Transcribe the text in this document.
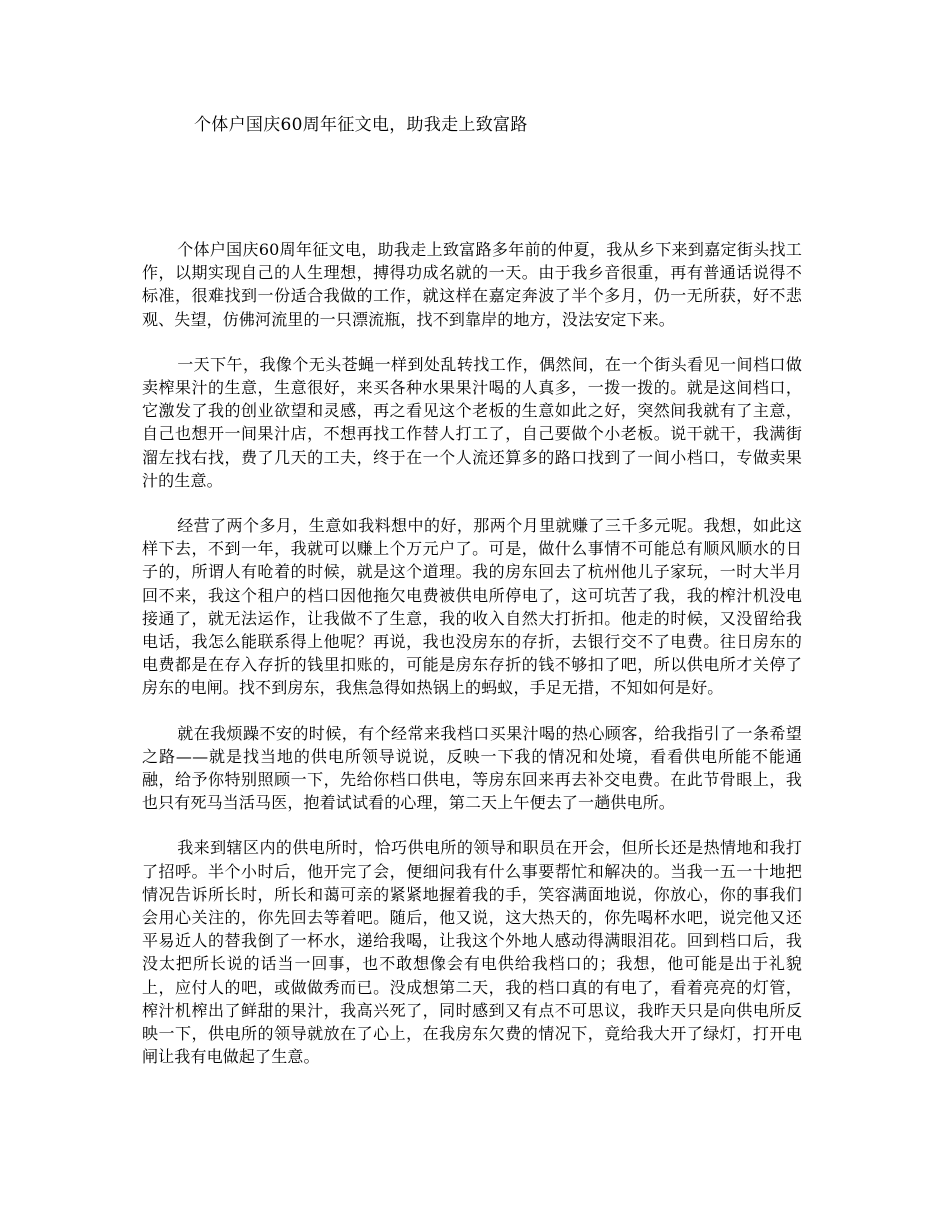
个体户国庆60周年征文电，助我走上致富路

个体户国庆60周年征文电，助我走上致富路多年前的仲夏，我从乡下来到嘉定街头找工作，以期实现自己的人生理想，搏得功成名就的一天。由于我乡音很重，再有普通话说得不标准，很难找到一份适合我做的工作，就这样在嘉定奔波了半个多月，仍一无所获，好不悲观、失望，仿佛河流里的一只漂流瓶，找不到靠岸的地方，没法安定下来。

一天下午，我像个无头苍蝇一样到处乱转找工作，偶然间，在一个街头看见一间档口做卖榨果汁的生意，生意很好，来买各种水果果汁喝的人真多，一拨一拨的。就是这间档口，它激发了我的创业欲望和灵感，再之看见这个老板的生意如此之好，突然间我就有了主意，自己也想开一间果汁店，不想再找工作替人打工了，自己要做个小老板。说干就干，我满街溜左找右找，费了几天的工夫，终于在一个人流还算多的路口找到了一间小档口，专做卖果汁的生意。

经营了两个多月，生意如我料想中的好，那两个月里就赚了三千多元呢。我想，如此这样下去，不到一年，我就可以赚上个万元户了。可是，做什么事情不可能总有顺风顺水的日子的，所谓人有呛着的时候，就是这个道理。我的房东回去了杭州他儿子家玩，一时大半月回不来，我这个租户的档口因他拖欠电费被供电所停电了，这可坑苦了我，我的榨汁机没电接通了，就无法运作，让我做不了生意，我的收入自然大打折扣。他走的时候，又没留给我电话，我怎么能联系得上他呢？再说，我也没房东的存折，去银行交不了电费。往日房东的电费都是在存入存折的钱里扣账的，可能是房东存折的钱不够扣了吧，所以供电所才关停了房东的电闸。找不到房东，我焦急得如热锅上的蚂蚁，手足无措，不知如何是好。

就在我烦躁不安的时候，有个经常来我档口买果汁喝的热心顾客，给我指引了一条希望之路——就是找当地的供电所领导说说，反映一下我的情况和处境，看看供电所能不能通融，给予你特别照顾一下，先给你档口供电，等房东回来再去补交电费。在此节骨眼上，我也只有死马当活马医，抱着试试看的心理，第二天上午便去了一趟供电所。

我来到辖区内的供电所时，恰巧供电所的领导和职员在开会，但所长还是热情地和我打了招呼。半个小时后，他开完了会，便细问我有什么事要帮忙和解决的。当我一五一十地把情况告诉所长时，所长和蔼可亲的紧紧地握着我的手，笑容满面地说，你放心，你的事我们会用心关注的，你先回去等着吧。随后，他又说，这大热天的，你先喝杯水吧，说完他又还平易近人的替我倒了一杯水，递给我喝，让我这个外地人感动得满眼泪花。回到档口后，我没太把所长说的话当一回事，也不敢想像会有电供给我档口的；我想，他可能是出于礼貌上，应付人的吧，或做做秀而已。没成想第二天，我的档口真的有电了，看着亮亮的灯管，榨汁机榨出了鲜甜的果汁，我高兴死了，同时感到又有点不可思议，我昨天只是向供电所反映一下，供电所的领导就放在了心上，在我房东欠费的情况下，竟给我大开了绿灯，打开电闸让我有电做起了生意。
